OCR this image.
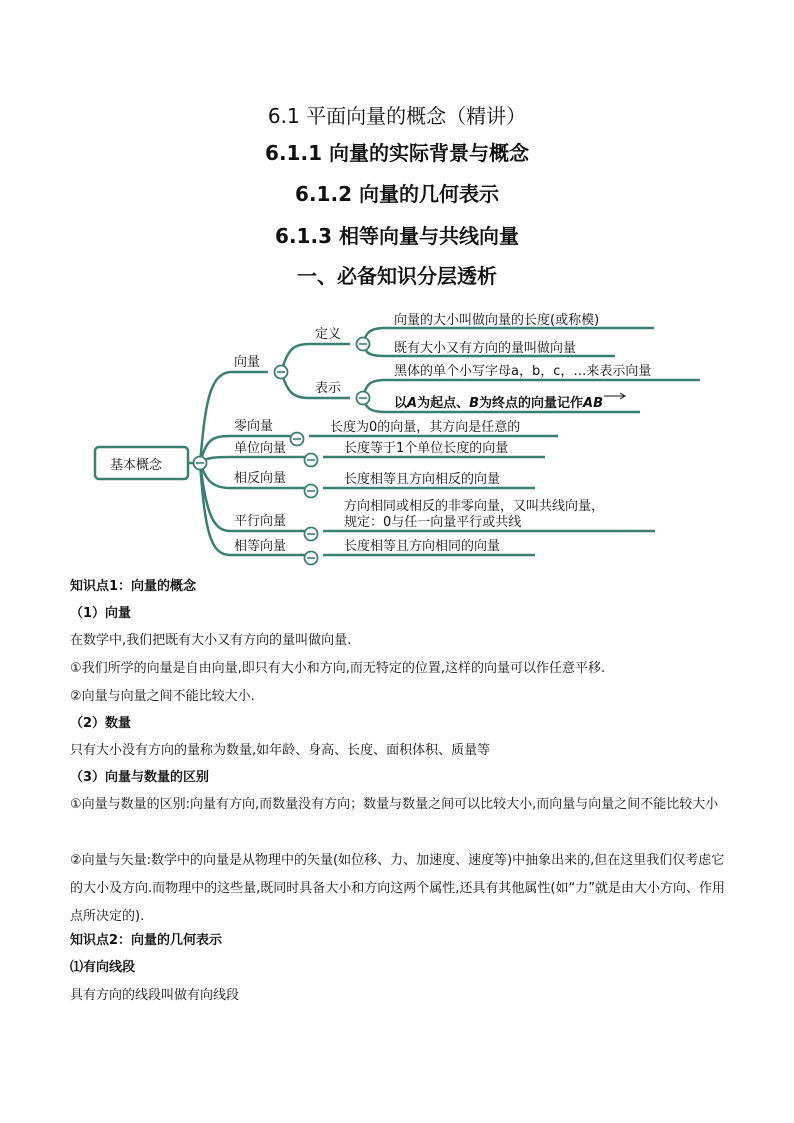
6.1 平面向量的概念（精讲）
6.1.1 向量的实际背景与概念
6.1.2 向量的几何表示
6.1.3 相等向量与共线向量
一、必备知识分层透析
基本概念
向量
定义
向量的大小叫做向量的长度(或称模)
既有大小又有方向的量叫做向量
表示
黑体的单个小写字母a，b，c，…来表示向量
以A为起点、B为终点的向量记作AB
零向量	长度为0的向量，其方向是任意的
单位向量	长度等于1个单位长度的向量
相反向量	长度相等且方向相反的向量
平行向量
方向相同或相反的非零向量，又叫共线向量，
规定：0与任一向量平行或共线
相等向量	长度相等且方向相同的向量
知识点1：向量的概念
（1）向量
在数学中,我们把既有大小又有方向的量叫做向量.
①我们所学的向量是自由向量,即只有大小和方向,而无特定的位置,这样的向量可以作任意平移.
②向量与向量之间不能比较大小.
（2）数量
只有大小没有方向的量称为数量,如年龄、身高、长度、面积体积、质量等
（3）向量与数量的区别
①向量与数量的区别:向量有方向,而数量没有方向；数量与数量之间可以比较大小,而向量与向量之间不能比较大小
②向量与矢量:数学中的向量是从物理中的矢量(如位移、力、加速度、速度等)中抽象出来的,但在这里我们仅考虑它的大小及方向.而物理中的这些量,既同时具备大小和方向这两个属性,还具有其他属性(如“力”就是由大小方向、作用点所决定的).
知识点2：向量的几何表示
⑴有向线段
具有方向的线段叫做有向线段
